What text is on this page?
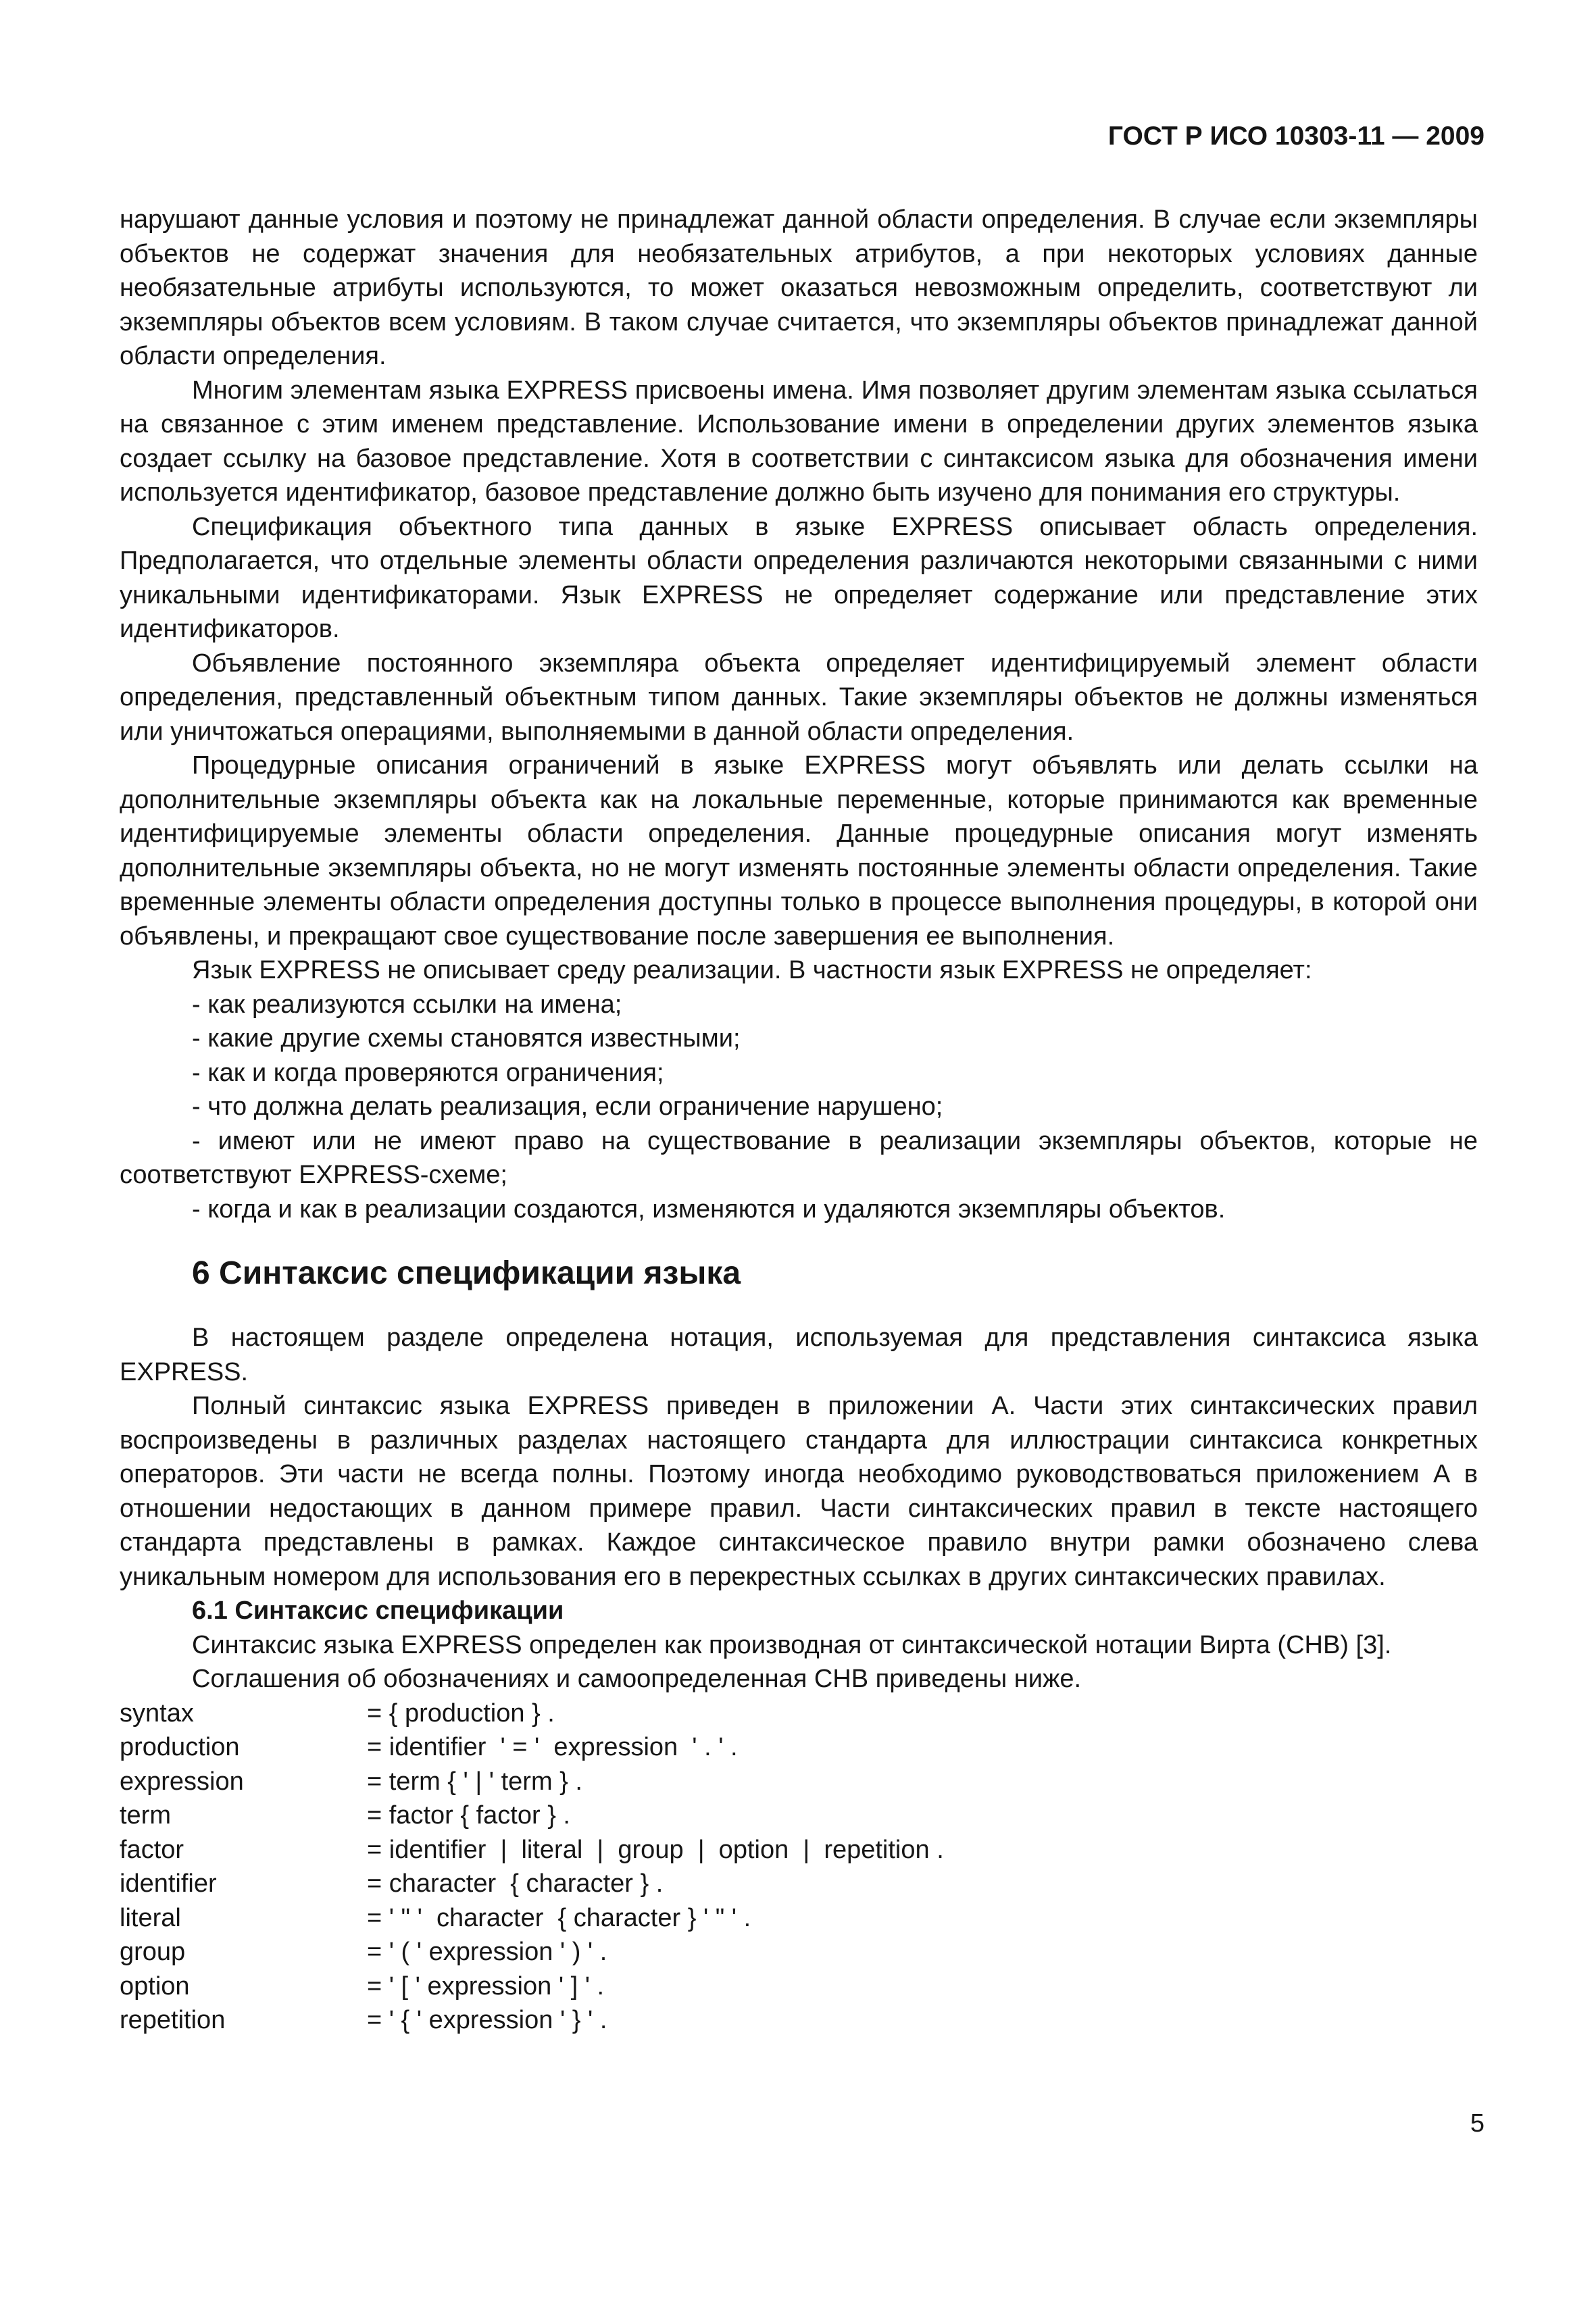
ГОСТ Р ИСО 10303-11 — 2009

нарушают данные условия и поэтому не принадлежат данной области определения. В случае если экземпляры объектов не содержат значения для необязательных атрибутов, а при некоторых условиях данные необязательные атрибуты используются, то может оказаться невозможным определить, соответствуют ли экземпляры объектов всем условиям. В таком случае считается, что экземпляры объектов принадлежат данной области определения.

Многим элементам языка EXPRESS присвоены имена. Имя позволяет другим элементам языка ссылаться на связанное с этим именем представление. Использование имени в определении других элементов языка создает ссылку на базовое представление. Хотя в соответствии с синтаксисом языка для обозначения имени используется идентификатор, базовое представление должно быть изучено для понимания его структуры.

Спецификация объектного типа данных в языке EXPRESS описывает область определения. Предполагается, что отдельные элементы области определения различаются некоторыми связанными с ними уникальными идентификаторами. Язык EXPRESS не определяет содержание или представление этих идентификаторов.

Объявление постоянного экземпляра объекта определяет идентифицируемый элемент области определения, представленный объектным типом данных. Такие экземпляры объектов не должны изменяться или уничтожаться операциями, выполняемыми в данной области определения.

Процедурные описания ограничений в языке EXPRESS могут объявлять или делать ссылки на дополнительные экземпляры объекта как на локальные переменные, которые принимаются как временные идентифицируемые элементы области определения. Данные процедурные описания могут изменять дополнительные экземпляры объекта, но не могут изменять постоянные элементы области определения. Такие временные элементы области определения доступны только в процессе выполнения процедуры, в которой они объявлены, и прекращают свое существование после завершения ее выполнения.

Язык EXPRESS не описывает среду реализации. В частности язык EXPRESS не определяет:

- как реализуются ссылки на имена;

- какие другие схемы становятся известными;

- как и когда проверяются ограничения;

- что должна делать реализация, если ограничение нарушено;

- имеют или не имеют право на существование в реализации экземпляры объектов, которые не соответствуют EXPRESS-схеме;

- когда и как в реализации создаются, изменяются и удаляются экземпляры объектов.

6 Синтаксис спецификации языка

В настоящем разделе определена нотация, используемая для представления синтаксиса языка EXPRESS.

Полный синтаксис языка EXPRESS приведен в приложении А. Части этих синтаксических правил воспроизведены в различных разделах настоящего стандарта для иллюстрации синтаксиса конкретных операторов. Эти части не всегда полны. Поэтому иногда необходимо руководствоваться приложением А в отношении недостающих в данном примере правил. Части синтаксических правил в тексте настоящего стандарта представлены в рамках. Каждое синтаксическое правило внутри рамки обозначено слева уникальным номером для использования его в перекрестных ссылках в других синтаксических правилах.

6.1 Синтаксис спецификации

Синтаксис языка EXPRESS определен как производная от синтаксической нотации Вирта (СНВ) [3].

Соглашения об обозначениях и самоопределенная СНВ приведены ниже.

syntax	= { production } .
production	= identifier  ' = '  expression  ' . ' .
expression	= term { ' | ' term } .
term	= factor { factor } .
factor	= identifier  |  literal  |  group  |  option  |  repetition .
identifier	= character  { character } .
literal	= ' " '  character  { character } ' " ' .
group	= ' ( ' expression ' ) ' .
option	= ' [ ' expression ' ] ' .
repetition	= ' { ' expression ' } ' .
5
